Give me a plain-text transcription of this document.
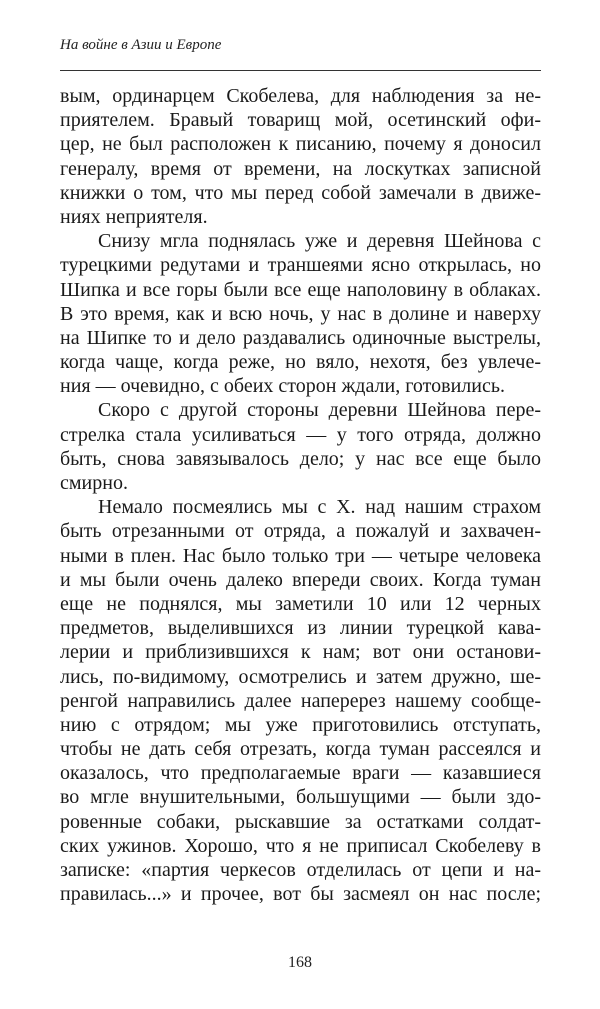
На войне в Азии и Европе
вым, ординарцем Скобелева, для наблюдения за не-
приятелем. Бравый товарищ мой, осетинский офи-
цер, не был расположен к писанию, почему я доносил
генералу, время от времени, на лоскутках записной
книжки о том, что мы перед собой замечали в движе-
ниях неприятеля.
Снизу мгла поднялась уже и деревня Шейнова с
турецкими редутами и траншеями ясно открылась, но
Шипка и все горы были все еще наполовину в облаках.
В это время, как и всю ночь, у нас в долине и наверху
на Шипке то и дело раздавались одиночные выстрелы,
когда чаще, когда реже, но вяло, нехотя, без увлече-
ния — очевидно, с обеих сторон ждали, готовились.
Скоро с другой стороны деревни Шейнова пере-
стрелка стала усиливаться — у того отряда, должно
быть, снова завязывалось дело; у нас все еще было
смирно.
Немало посмеялись мы с Х. над нашим страхом
быть отрезанными от отряда, а пожалуй и захвачен-
ными в плен. Нас было только три — четыре человека
и мы были очень далеко впереди своих. Когда туман
еще не поднялся, мы заметили 10 или 12 черных
предметов, выделившихся из линии турецкой кава-
лерии и приблизившихся к нам; вот они останови-
лись, по-видимому, осмотрелись и затем дружно, ше-
ренгой направились далее наперерез нашему сообще-
нию с отрядом; мы уже приготовились отступать,
чтобы не дать себя отрезать, когда туман рассеялся и
оказалось, что предполагаемые враги — казавшиеся
во мгле внушительными, большущими — были здо-
ровенные собаки, рыскавшие за остатками солдат-
ских ужинов. Хорошо, что я не приписал Скобелеву в
записке: «партия черкесов отделилась от цепи и на-
правилась...» и прочее, вот бы засмеял он нас после;
168
